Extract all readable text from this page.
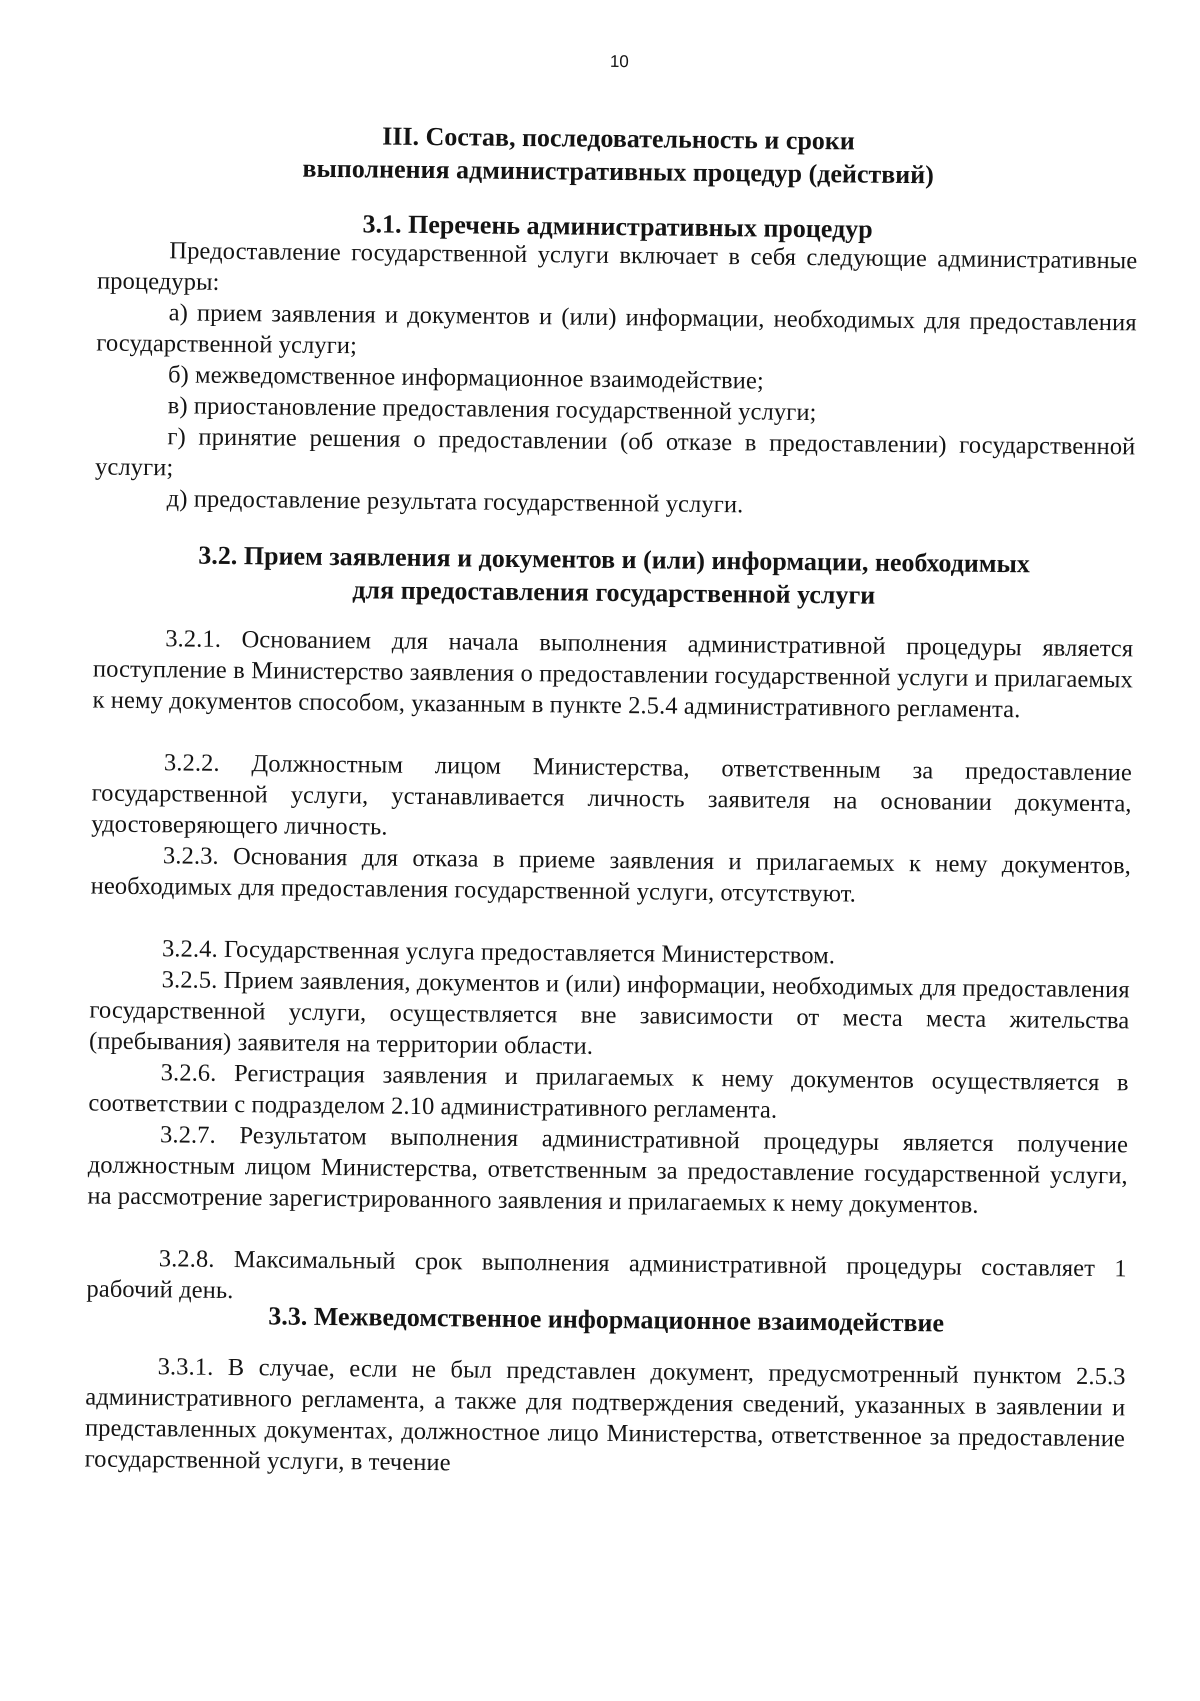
10
III. Состав, последовательность и сроки
выполнения административных процедур (действий)
3.1. Перечень административных процедур

Предоставление государственной услуги включает в себя следующие административные процедуры:

а) прием заявления и документов и (или) информации, необходимых для предоставления государственной услуги;

б) межведомственное информационное взаимодействие;

в) приостановление предоставления государственной услуги;

г) принятие решения о предоставлении (об отказе в предоставлении) государственной услуги;

д) предоставление результата государственной услуги.

3.2. Прием заявления и документов и (или) информации, необходимых
для предоставления государственной услуги

3.2.1. Основанием для начала выполнения административной процедуры является поступление в Министерство заявления о предоставлении государственной услуги и прилагаемых к нему документов способом, указанным в пункте 2.5.4 административного регламента.

3.2.2. Должностным лицом Министерства, ответственным за предоставление государственной услуги, устанавливается личность заявителя на основании документа, удостоверяющего личность.

3.2.3. Основания для отказа в приеме заявления и прилагаемых к нему документов, необходимых для предоставления государственной услуги, отсутствуют.

3.2.4. Государственная услуга предоставляется Министерством.

3.2.5. Прием заявления, документов и (или) информации, необходимых для предоставления государственной услуги, осуществляется вне зависимости от места места жительства (пребывания) заявителя на территории области.

3.2.6. Регистрация заявления и прилагаемых к нему документов осуществляется в соответствии с подразделом 2.10 административного регламента.

3.2.7. Результатом выполнения административной процедуры является получение должностным лицом Министерства, ответственным за предоставление государственной услуги, на рассмотрение зарегистрированного заявления и прилагаемых к нему документов.

3.2.8. Максимальный срок выполнения административной процедуры составляет 1 рабочий день.

3.3. Межведомственное информационное взаимодействие

3.3.1. В случае, если не был представлен документ, предусмотренный пунктом 2.5.3 административного регламента, а также для подтверждения сведений, указанных в заявлении и представленных документах, должностное лицо Министерства, ответственное за предоставление государственной услуги, в течение
